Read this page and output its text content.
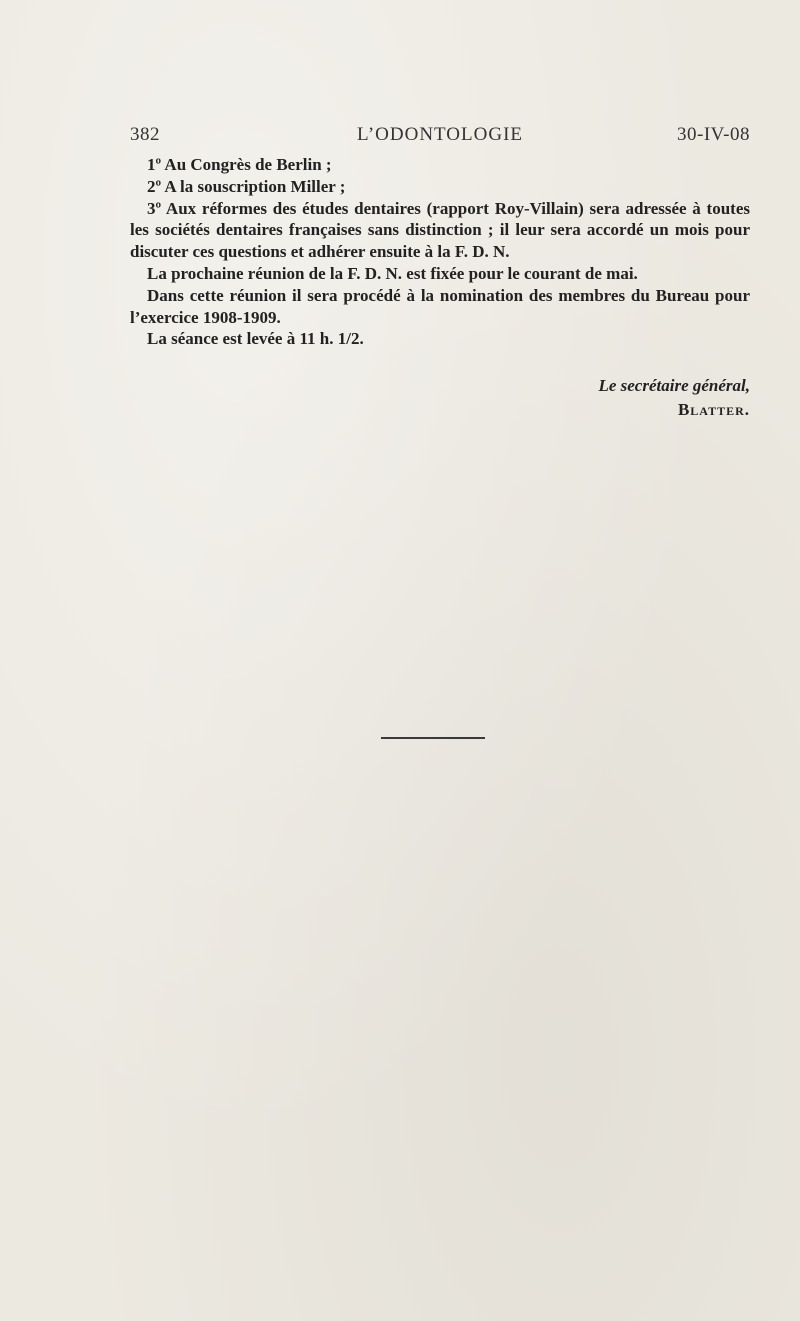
382	L’ODONTOLOGIE	30-IV-08

1º Au Congrès de Berlin ;

2º A la souscription Miller ;

3º Aux réformes des études dentaires (rapport Roy-Villain) sera adressée à toutes les sociétés dentaires françaises sans distinction ; il leur sera accordé un mois pour discuter ces questions et adhérer ensuite à la F. D. N.

La prochaine réunion de la F. D. N. est fixée pour le courant de mai.

Dans cette réunion il sera procédé à la nomination des membres du Bureau pour l’exercice 1908-1909.

La séance est levée à 11 h. 1/2.

Le secrétaire général,
Blatter.
